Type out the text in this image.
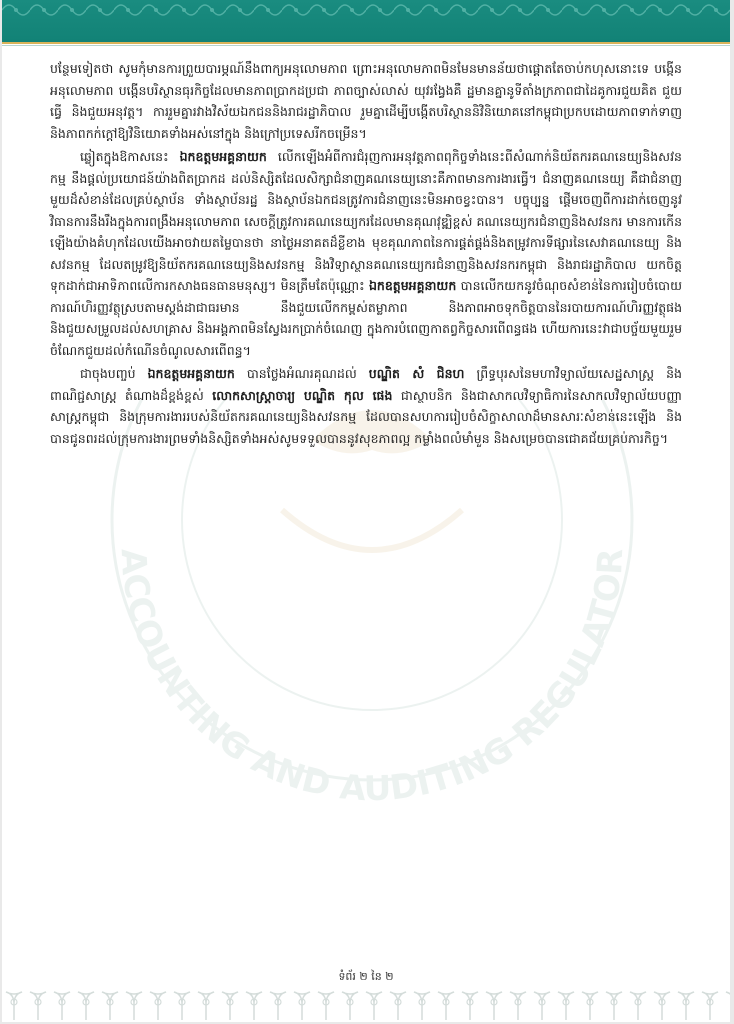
ACCOUNTING AND AUDITING REGULATOR

បន្ថែមទៀតថា សូមកុំមានការព្រួយបារម្ភណ៍នឹងពាក្យអនុលោមភាព ព្រោះអនុលោមភាពមិនមែនមានន័យថាផ្ដោតតែចាប់កហុសនោះទេ បង្កើនអនុលោមភាព បង្កើនបរិស្ថានធុរកិច្ចដែលមានភាពប្រាកដប្រជា ភាពច្បាស់លាស់ យុវរង្វែងគឺ ដ្ឋមានគ្នានូទីតាំងក្រភាពជាដៃគូការជួយគិត ជួយធ្វើ និងជួយអនុវត្ត។ ការរួមគ្នារវាងវិស័យឯកជននិងរាជរដ្ឋាភិបាល រួមគ្នាដើម្បីបង្កើតបរិស្ថាននិវិនិយោគនៅកម្ពុជាប្រកបដោយភាពទាក់ទាញ និងភាពកក់ក្ដៅឱ្យវិនិយោគទាំងអស់នៅក្នុង និងក្រៅប្រទេសរីកចម្រើន។

ឆ្លៀតក្នុងឱកាសនេះ ឯកឧត្តមអគ្គនាយក លើកឡើងអំពីការជំរុញការអនុវត្តភាពពុកិច្ចទាំងនេះពីសំណាក់និយ័តករគណនេយ្យនិងសវនកម្ម នឹងផ្ដល់ប្រយោជន៍យ៉ាងពិតប្រាកដ ដល់និស្សិតដែលសិក្សាជំនាញគណនេយ្យនោះគឺភាពមានការងារធ្វើ។ ជំនាញគណនេយ្យ គឺជាជំនាញមួយដ៏សំខាន់ដែលគ្រប់ស្ថាប័ន ទាំងស្ថាប័នរដ្ឋ និងស្ថាប័នឯកជនត្រូវការជំនាញនេះមិនអាចខ្វះបាន។ បច្ចុប្បន្ន ផ្ដើមចេញពីការដាក់ចេញនូវវិធានការនឹងរឹងក្នុងការពង្រឹងអនុលោមភាព សេចក្ដីត្រូវការគណនេយ្យករដែលមានគុណវុឌ្ឍិខ្ពស់ គណនេយ្យករជំនាញនិងសវនករ មានការកើនឡើងយ៉ាងគំហុកដែលយើងអាចវាយតម្លៃបានថា នាថ្ងៃអនាគតដ៏ខ្លីខាង មុខគុណភាពនៃការផ្គត់ផ្គង់និងតម្រូវការទីផ្សារនៃសេវាគណនេយ្យ និងសវនកម្ម ដែលតម្រូវឱ្យនិយ័តករគណនេយ្យនិងសវនកម្ម និងវិទ្យាស្ថានគណនេយ្យករជំនាញនិងសវនករកម្ពុជា និងរាជរដ្ឋាភិបាល យកចិត្តទុកដាក់ជាអាទិភាពលើការកសាងធនធានមនុស្ស។ មិនត្រឹមតែប៉ុណ្ណោះ ឯកឧត្តមអគ្គនាយក បានលើកយកនូវចំណុចសំខាន់នៃការរៀបចំបោយការណ៍ហិរញ្ញវត្ថុស្របតាមស្តង់ដាជាធរមាន នឹងជួយលើកកម្ពស់តម្លាភាព និងភាពអាចទុកចិត្តបាននៃរបាយការណ៍ហិរញ្ញវត្ថុផង និងជួយសម្រួលដល់សហគ្រាស និងអង្គភាពមិនស្វែងរកប្រាក់ចំណេញ ក្នុងការបំពេញកាតព្វកិច្ចសារពើពន្ធផង ហើយការនេះវាជាបច្ច័យមួយរួមចំណែកជួយដល់កំណើនចំណូលសារពើពន្ធ។

ជាចុងបញ្ចប់ ឯកឧត្តមអគ្គនាយក បានថ្លែងអំណរគុណដល់ បណ្ឌិត សំ ជិនហ ព្រឹទ្ធបុរសនៃមហាវិទ្យាល័យសេដ្ឋសាស្ត្រ និងពាណិជ្ជសាស្ត្រ តំណាងដ៏ខ្ពង់ខ្ពស់ លោកសាស្ត្រាចារ្យ បណ្ឌិត កុល ផេង ជាស្ថាបនិក និងជាសាកលវិទ្យាធិការនៃសាកលវិទ្យាល័យបញ្ញាសាស្ត្រកម្ពុជា និងក្រុមការងាររបស់និយ័តករគណនេយ្យនិងសវនកម្ម ដែលបានសហការរៀបចំសិក្ខាសាលាដ៏មានសារៈសំខាន់នេះឡើង និងបានជូនពរដល់ក្រុមការងារព្រមទាំងនិស្សិតទាំងអស់សូមទទួលបាននូវសុខភាពល្អ កម្លាំងពលំមាំមួន និងសម្រេចបានជោគជ័យគ្រប់ភារកិច្ច។

ទំព័រ ២ នៃ ២
